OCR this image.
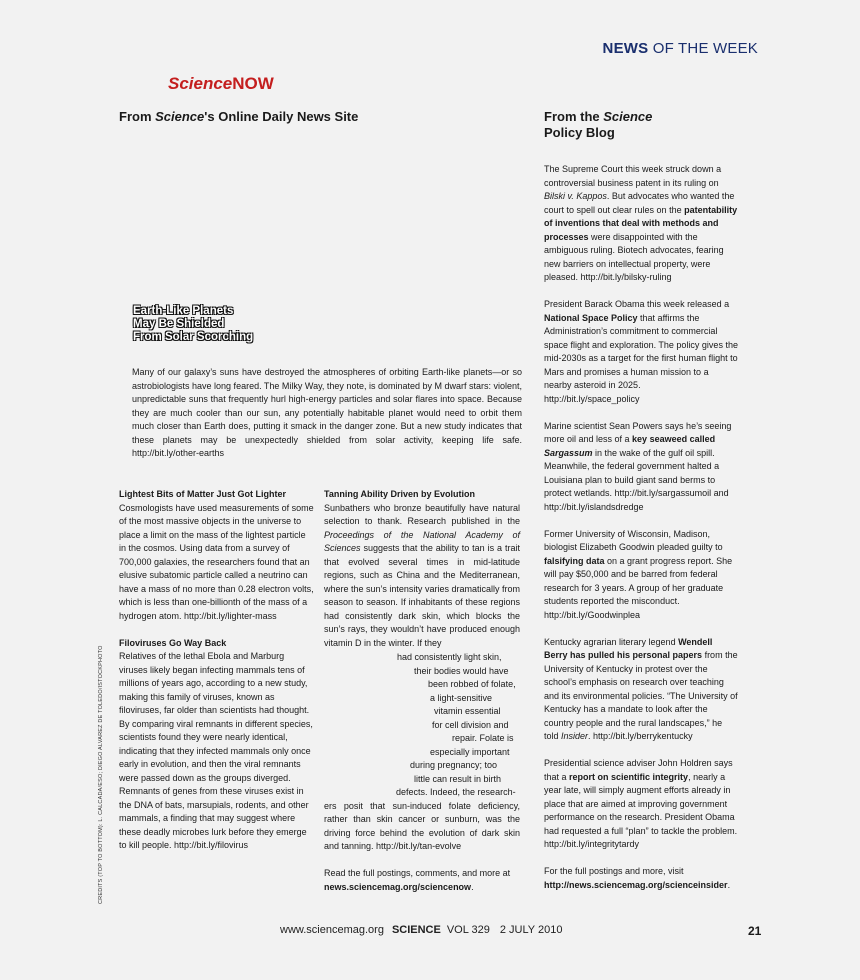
NEWS OF THE WEEK
ScienceNOW
From Science's Online Daily News Site	From the Science
Policy Blog
Earth-Like Planets
May Be Shielded
From Solar Scorching
Many of our galaxy’s suns have destroyed the atmospheres of orbiting Earth-like planets—or so astrobiologists have long feared. The Milky Way, they note, is dominated by M dwarf stars: violent, unpredictable suns that frequently hurl high-energy particles and solar flares into space. Because they are much cooler than our sun, any potentially habitable planet would need to orbit them much closer than Earth does, putting it smack in the danger zone. But a new study indicates that these planets may be unexpectedly shielded from solar activity, keeping life safe. http://bit.ly/other-earths
Lightest Bits of Matter Just Got Lighter
Cosmologists have used measurements of some of the most massive objects in the universe to place a limit on the mass of the lightest particle in the cosmos. Using data from a survey of 700,000 galaxies, the researchers found that an elusive subatomic particle called a neutrino can have a mass of no more than 0.28 electron volts, which is less than one-billionth of the mass of a hydrogen atom. http://bit.ly/lighter-mass
Filoviruses Go Way Back
Relatives of the lethal Ebola and Marburg viruses likely began infecting mammals tens of millions of years ago, according to a new study, making this family of viruses, known as filoviruses, far older than scientists had thought. By comparing viral remnants in different species, scientists found they were nearly identical, indicating that they infected mammals only once early in evolution, and then the viral remnants were passed down as the groups diverged. Remnants of genes from these viruses exist in the DNA of bats, marsupials, rodents, and other mammals, a finding that may suggest where these deadly microbes lurk before they emerge to kill people. http://bit.ly/filovirus
Tanning Ability Driven by Evolution
Sunbathers who bronze beautifully have natural selection to thank. Research published in the Proceedings of the National Academy of Sciences suggests that the ability to tan is a trait that evolved several times in mid-latitude regions, such as China and the Mediterranean, where the sun’s intensity varies dramatically from season to season. If inhabitants of these regions had consistently dark skin, which blocks the sun’s rays, they wouldn’t have produced enough vitamin D in the winter. If they
had consistently light skin,
their bodies would have
been robbed of folate,
a light-sensitive
vitamin essential
for cell division and
repair. Folate is
especially important
during pregnancy; too
little can result in birth
defects. Indeed, the research-
ers posit that sun-induced folate deficiency, rather than skin cancer or sunburn, was the driving force behind the evolution of dark skin and tanning. http://bit.ly/tan-evolve
Read the full postings, comments, and more at news.sciencemag.org/sciencenow.
The Supreme Court this week struck down a controversial business patent in its ruling on Bilski v. Kappos. But advocates who wanted the court to spell out clear rules on the patentability of inventions that deal with methods and processes were disappointed with the ambiguous ruling. Biotech advocates, fearing new barriers on intellectual property, were pleased. http://bit.ly/bilsky-ruling
President Barack Obama this week released a National Space Policy that affirms the Administration’s commitment to commercial space flight and exploration. The policy gives the mid-2030s as a target for the first human flight to Mars and promises a human mission to a nearby asteroid in 2025. http://bit.ly/space_policy
Marine scientist Sean Powers says he’s seeing more oil and less of a key seaweed called Sargassum in the wake of the gulf oil spill. Meanwhile, the federal government halted a Louisiana plan to build giant sand berms to protect wetlands. http://bit.ly/sargassumoil and http://bit.ly/islandsdredge
Former University of Wisconsin, Madison, biologist Elizabeth Goodwin pleaded guilty to falsifying data on a grant progress report. She will pay $50,000 and be barred from federal research for 3 years. A group of her graduate students reported the misconduct. http://bit.ly/Goodwinplea
Kentucky agrarian literary legend Wendell Berry has pulled his personal papers from the University of Kentucky in protest over the school’s emphasis on research over teaching and its environmental policies. “The University of Kentucky has a mandate to look after the country people and the rural landscapes,” he told Insider. http://bit.ly/berrykentucky
Presidential science adviser John Holdren says that a report on scientific integrity, nearly a year late, will simply augment efforts already in place that are aimed at improving government performance on the research. President Obama had requested a full “plan” to tackle the problem. http://bit.ly/integritytardy
For the full postings and more, visit http://news.sciencemag.org/scienceinsider.
CREDITS (TOP TO BOTTOM): L. CALCADA/ESO; DIEGO ALVAREZ DE TOLEDO/ISTOCKPHOTO
www.sciencemag.org SCIENCE VOL 329 2 JULY 2010	21
